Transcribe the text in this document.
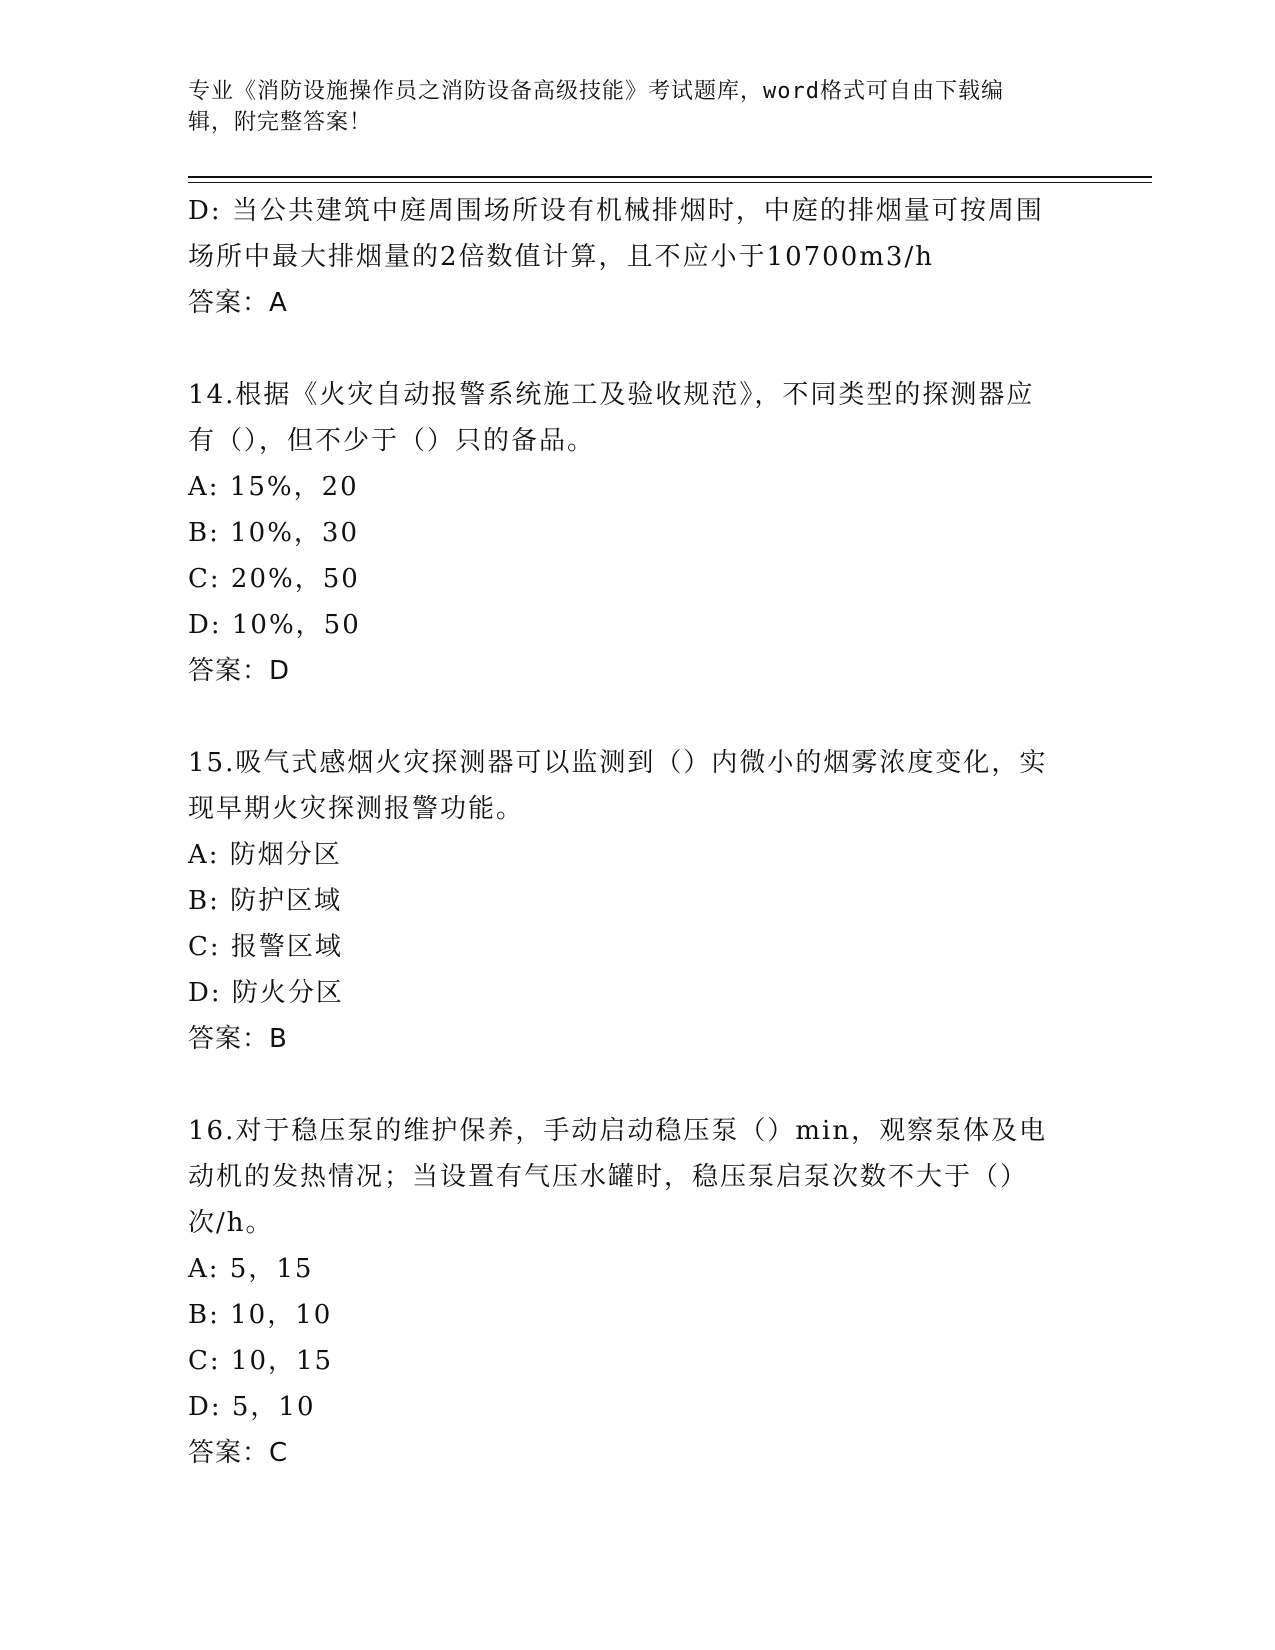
专业《消防设施操作员之消防设备高级技能》考试题库，word格式可自由下载编
辑，附完整答案！
D: 当公共建筑中庭周围场所设有机械排烟时，中庭的排烟量可按周围
场所中最大排烟量的2倍数值计算，且不应小于10700m3/h
答案：A
14.根据《火灾自动报警系统施工及验收规范》，不同类型的探测器应
有（），但不少于（）只的备品。
A: 15%，20
B: 10%，30
C: 20%，50
D: 10%，50
答案：D
15.吸气式感烟火灾探测器可以监测到（）内微小的烟雾浓度变化，实
现早期火灾探测报警功能。
A: 防烟分区
B: 防护区域
C: 报警区域
D: 防火分区
答案：B
16.对于稳压泵的维护保养，手动启动稳压泵（）min，观察泵体及电
动机的发热情况；当设置有气压水罐时，稳压泵启泵次数不大于（）
次/h。
A: 5，15
B: 10，10
C: 10，15
D: 5，10
答案：C
